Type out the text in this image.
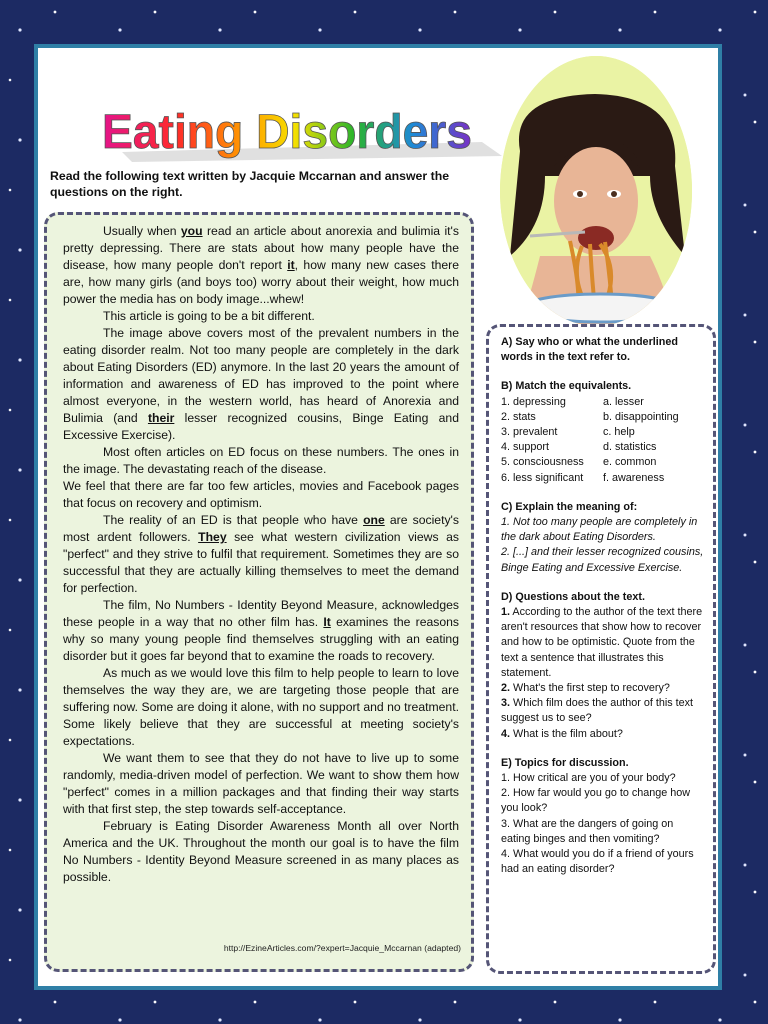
Eating Disorders
Read the following text written by Jacquie Mccarnan and answer the questions on the right.

Usually when you read an article about anorexia and bulimia it's pretty depressing. There are stats about how many people have the disease, how many people don't report it, how many new cases there are, how many girls (and boys too) worry about their weight, how much power the media has on body image...whew!

This article is going to be a bit different.

The image above covers most of the prevalent numbers in the eating disorder realm. Not too many people are completely in the dark about Eating Disorders (ED) anymore. In the last 20 years the amount of information and awareness of ED has improved to the point where almost everyone, in the western world, has heard of Anorexia and Bulimia (and their lesser recognized cousins, Binge Eating and Excessive Exercise).

Most often articles on ED focus on these numbers. The ones in the image. The devastating reach of the disease.

We feel that there are far too few articles, movies and Facebook pages that focus on recovery and optimism.

The reality of an ED is that people who have one are society's most ardent followers. They see what western civilization views as "perfect" and they strive to fulfil that requirement. Sometimes they are so successful that they are actually killing themselves to meet the demand for perfection.

The film, No Numbers - Identity Beyond Measure, acknowledges these people in a way that no other film has. It examines the reasons why so many young people find themselves struggling with an eating disorder but it goes far beyond that to examine the roads to recovery.

As much as we would love this film to help people to learn to love themselves the way they are, we are targeting those people that are suffering now. Some are doing it alone, with no support and no treatment. Some likely believe that they are successful at meeting society's expectations.

We want them to see that they do not have to live up to some randomly, media-driven model of perfection. We want to show them how "perfect" comes in a million packages and that finding their way starts with that first step, the step towards self-acceptance.

February is Eating Disorder Awareness Month all over North America and the UK. Throughout the month our goal is to have the film No Numbers - Identity Beyond Measure screened in as many places as possible.

http://EzineArticles.com/?expert=Jacquie_Mccarnan (adapted)
A) Say who or what the underlined words in the text refer to.
B) Match the equivalents.
1. depressing	a. lesser
2. stats	b. disappointing
3. prevalent	c. help
4. support	d. statistics
5. consciousness	e. common
6. less significant	f. awareness
C) Explain the meaning of:
1. Not too many people are completely in the dark about Eating Disorders.
2. [...] and their lesser recognized cousins, Binge Eating and Excessive Exercise.
D) Questions about the text.
1. According to the author of the text there aren't resources that show how to recover and how to be optimistic. Quote from the text a sentence that illustrates this statement.
2. What's the first step to recovery?
3. Which film does the author of this text suggest us to see?
4. What is the film about?
E) Topics for discussion.
1. How critical are you of your body?
2. How far would you go to change how you look?
3. What are the dangers of going on eating binges and then vomiting?
4. What would you do if a friend of yours had an eating disorder?
